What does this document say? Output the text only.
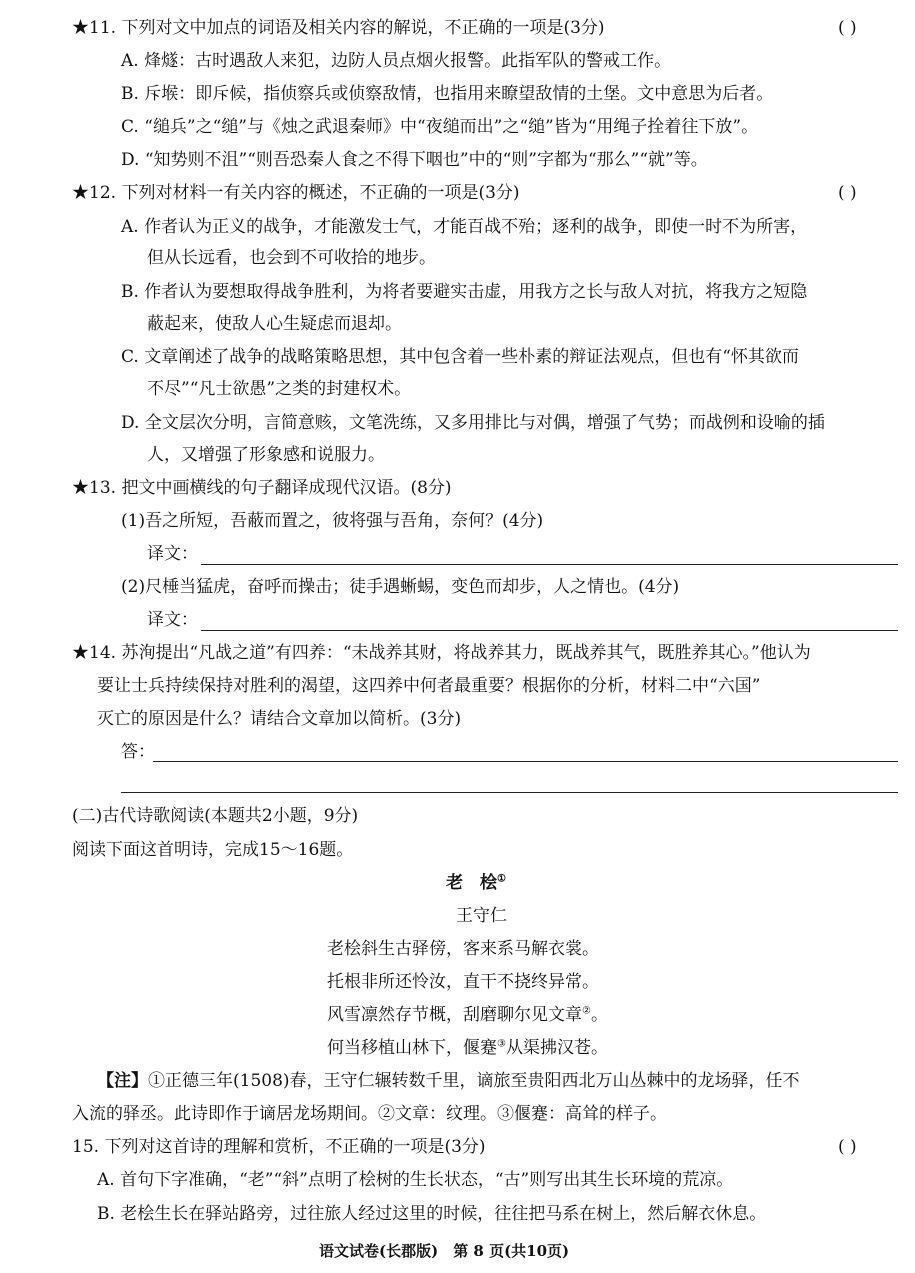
★11. 下列对文中加点的词语及相关内容的解说，不正确的一项是(3分)	( )
A. 烽燧：古时遇敌人来犯，边防人员点烟火报警。此指军队的警戒工作。
B. 斥堠：即斥候，指侦察兵或侦察敌情，也指用来瞭望敌情的土堡。文中意思为后者。
C. “缒兵”之“缒”与《烛之武退秦师》中“夜缒而出”之“缒”皆为“用绳子拴着往下放”。
D. “知势则不沮”“则吾恐秦人食之不得下咽也”中的“则”字都为“那么”“就”等。
★12. 下列对材料一有关内容的概述，不正确的一项是(3分)	( )
A. 作者认为正义的战争，才能激发士气，才能百战不殆；逐利的战争，即使一时不为所害，
但从长远看，也会到不可收拾的地步。
B. 作者认为要想取得战争胜利，为将者要避实击虚，用我方之长与敌人对抗，将我方之短隐
蔽起来，使敌人心生疑虑而退却。
C. 文章阐述了战争的战略策略思想，其中包含着一些朴素的辩证法观点，但也有“怀其欲而
不尽”“凡士欲愚”之类的封建权术。
D. 全文层次分明，言简意赅，文笔洗练，又多用排比与对偶，增强了气势；而战例和设喻的插
人，又增强了形象感和说服力。
★13. 把文中画横线的句子翻译成现代汉语。(8分)
(1)吾之所短，吾蔽而置之，彼将强与吾角，奈何？(4分)
译文：
(2)尺棰当猛虎，奋呼而操击；徒手遇蜥蜴，变色而却步，人之情也。(4分)
译文：
★14. 苏洵提出“凡战之道”有四养：“未战养其财，将战养其力，既战养其气，既胜养其心。”他认为
要让士兵持续保持对胜利的渴望，这四养中何者最重要？根据你的分析，材料二中“六国”
灭亡的原因是什么？请结合文章加以简析。(3分)
答：
(二)古代诗歌阅读(本题共2小题，9分)
阅读下面这首明诗，完成15～16题。
老　桧①
王守仁
老桧斜生古驿傍，客来系马解衣裳。
托根非所还怜汝，直干不挠终异常。
风雪凛然存节概，刮磨聊尔见文章②。
何当移植山林下，偃蹇③从渠拂汉苍。
【注】①正德三年(1508)春，王守仁辗转数千里，谪旅至贵阳西北万山丛棘中的龙场驿，任不
入流的驿丞。此诗即作于谪居龙场期间。②文章：纹理。③偃蹇：高耸的样子。
15. 下列对这首诗的理解和赏析，不正确的一项是(3分)	( )
A. 首句下字准确，“老”“斜”点明了桧树的生长状态，“古”则写出其生长环境的荒凉。
B. 老桧生长在驿站路旁，过往旅人经过这里的时候，往往把马系在树上，然后解衣休息。
语文试卷(长郡版)　第 8 页(共10页)
